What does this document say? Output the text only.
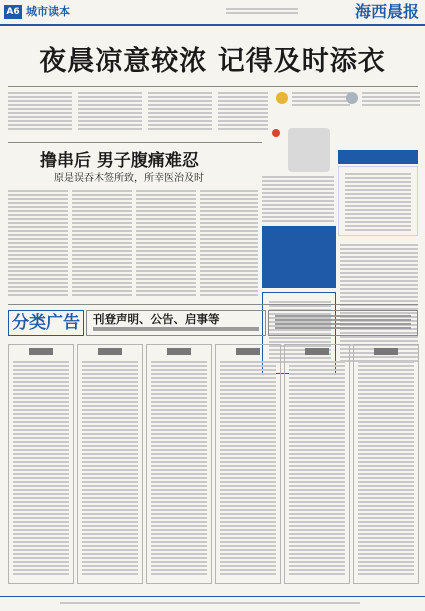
A6 城市读本	海西晨报
夜晨凉意较浓 记得及时添衣
撸串后 男子腹痛难忍
原是误吞木签所致，所幸医治及时
分类广告	刊登声明、公告、启事等
